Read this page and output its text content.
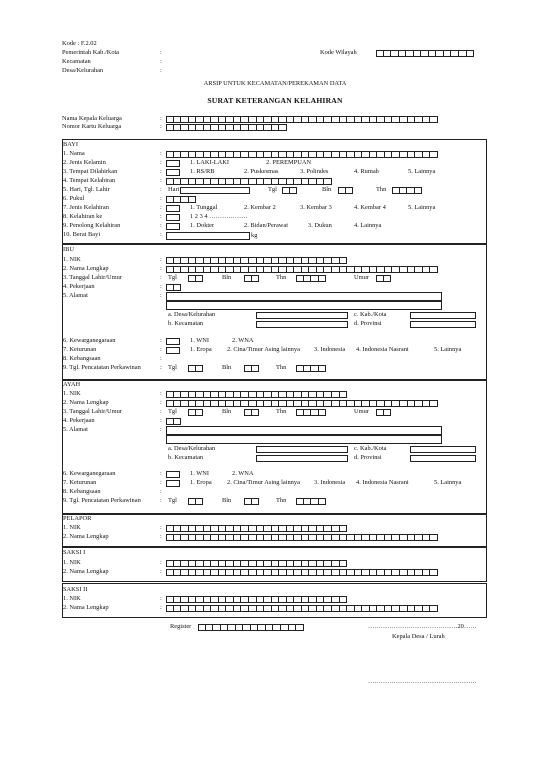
Kode : F.2.02
Pemerintah Kab./Kota	:
Kecamatan	:
Desa/Kelurahan	:
Kode Wilayah
ARSIP UNTUK KECAMATAN/PEREKAMAN DATA
SURAT KETERANGAN KELAHIRAN
Nama Kepala Keluarga	:
Nomor Kartu Keluarga	:
BAYI
1. Nama	:
2. Jenis Kelamin	:	1. LAKI-LAKI	2. PEREMPUAN
3. Tempat Dilahirkan	:	1. RS/RB	2. Puskesmas	3. Polindes	4. Rumah	5. Lainnya
4. Tempat Kelahiran	:
5. Hari, Tgl. Lahir	: Hari	Tgl	Bln	Thn
6. Pukul	:
7. Jenis Kelahiran	:	1. Tunggal	2. Kembar 2	3. Kembar 3	4. Kembar 4	5. Lainnya
8. Kelahiran ke	:	1 2 3 4 ………………
9. Penolong Kelahiran	:	1. Dokter	2. Bidan/Perawat	3. Dukun	4. Lainnya
10. Berat Bayi	:	kg
IBU
1. NIK	:
2. Nama Lengkap	:
3. Tanggal Lahir/Umur	: Tgl	Bln	Thn	Umur
4. Pekerjaan	:
5. Alamat	:
a. Desa/Kelurahan
b. Kecamatan
c. Kab./Kota
d. Provinsi
6. Kewarganegaraan	:	1. WNI	2. WNA
7. Keturunan	:	1. Eropa 2. Cina/Timur Asing lainnya 3. Indonesia 4. Indonesia Nasrani	5. Lainnya
8. Kebangsaan	:
9. Tgl. Pencatatan Perkawinan	: Tgl	Bln	Thn
AYAH
1. NIK	:
2. Nama Lengkap	:
3. Tanggal Lahir/Umur	: Tgl	Bln	Thn	Umur
4. Pekerjaan	:
5. Alamat	:
a. Desa/Kelurahan
b. Kecamatan
c. Kab./Kota
d. Provinsi
6. Kewarganegaraan	:	1. WNI	2. WNA
7. Keturunan	:	1. Eropa 2. Cina/Timur Asing lainnya 3. Indonesia 4. Indonesia Nasrani	5. Lainnya
8. Kebangsaan	:
9. Tgl. Pencatatan Perkawinan	: Tgl	Bln	Thn
PELAPOR
1. NIK	:
2. Nama Lengkap	:
SAKSI I
1. NIK	:
2. Nama Lengkap	:
SAKSI II
1. NIK	:
2. Nama Lengkap	:
Register	……………………………………20……
Kepala Desa / Lurah
……………………………………………
